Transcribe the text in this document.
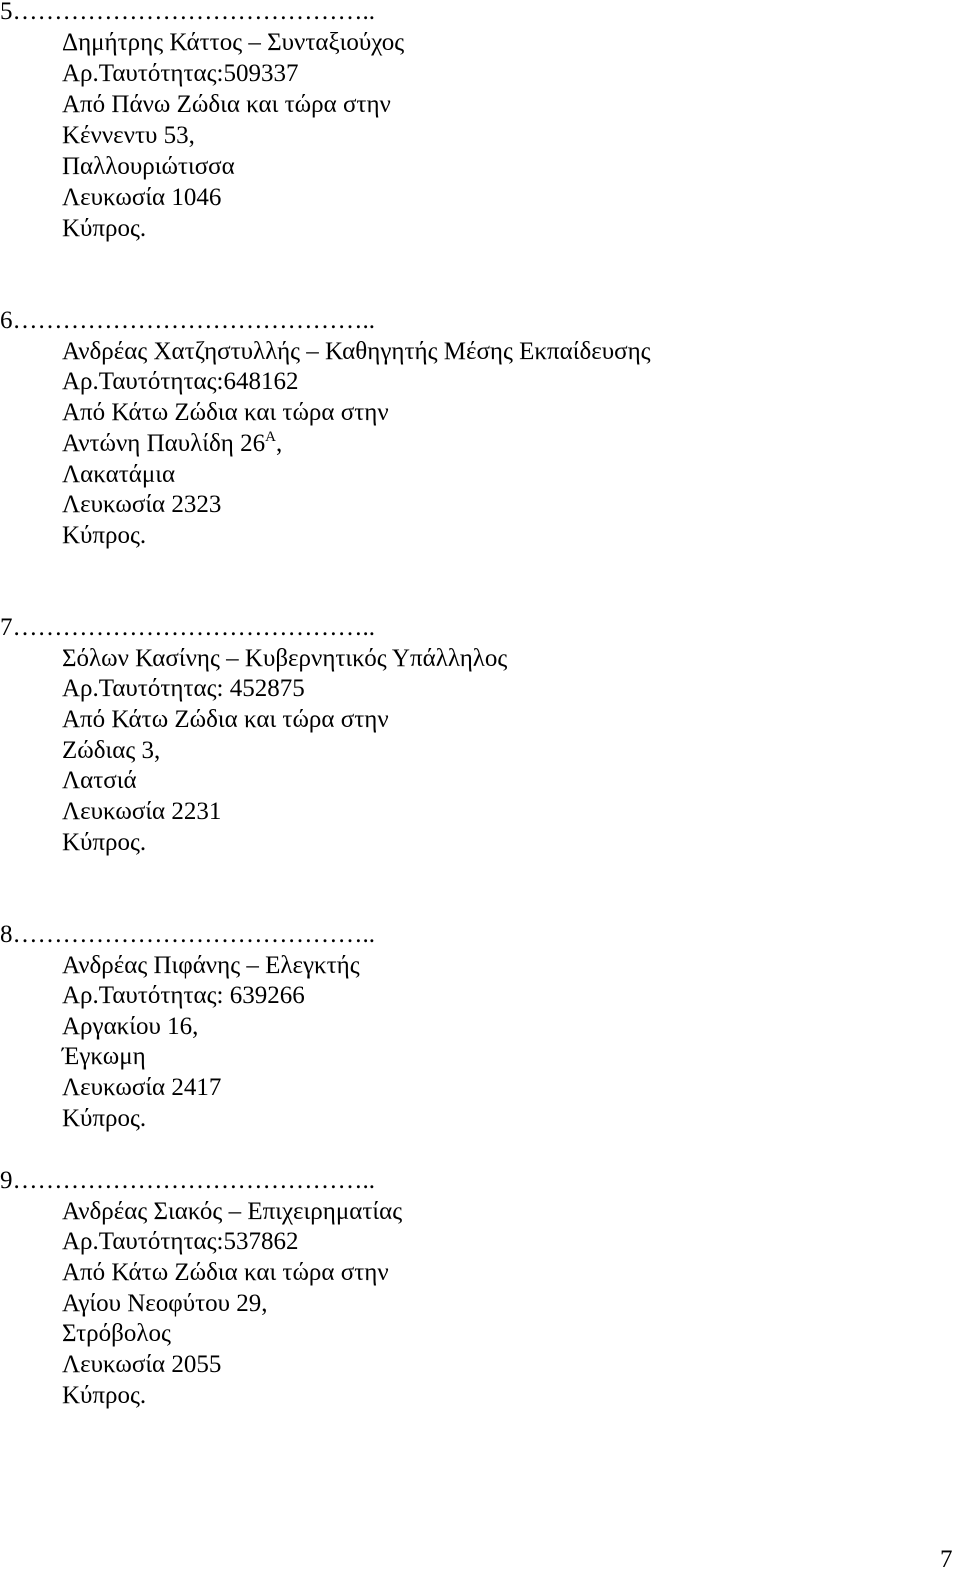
5……………………………………..
Δημήτρης Κάττος – Συνταξιούχος
Αρ.Ταυτότητας:509337
Από Πάνω Ζώδια και τώρα στην
Κέννεντυ 53,
Παλλουριώτισσα
Λευκωσία 1046
Κύπρος.
6……………………………………..
Ανδρέας Χατζηστυλλής – Καθηγητής Μέσης Εκπαίδευσης
Αρ.Ταυτότητας:648162
Από Κάτω Ζώδια και τώρα στην
Αντώνη Παυλίδη $26^A$,
Λακατάμια
Λευκωσία 2323
Κύπρος.
7……………………………………..
Σόλων Κασίνης – Κυβερνητικός Υπάλληλος
Αρ.Ταυτότητας: 452875
Από Κάτω Ζώδια και τώρα στην
Ζώδιας 3,
Λατσιά
Λευκωσία 2231
Κύπρος.
8……………………………………..
Ανδρέας Πιφάνης – Ελεγκτής
Αρ.Ταυτότητας: 639266
Αργακίου 16,
Έγκωμη
Λευκωσία 2417
Κύπρος.
9……………………………………..
Ανδρέας Σιακός – Επιχειρηματίας
Αρ.Ταυτότητας:537862
Από Κάτω Ζώδια και τώρα στην
Αγίου Νεοφύτου 29,
Στρόβολος
Λευκωσία 2055
Κύπρος.
7
